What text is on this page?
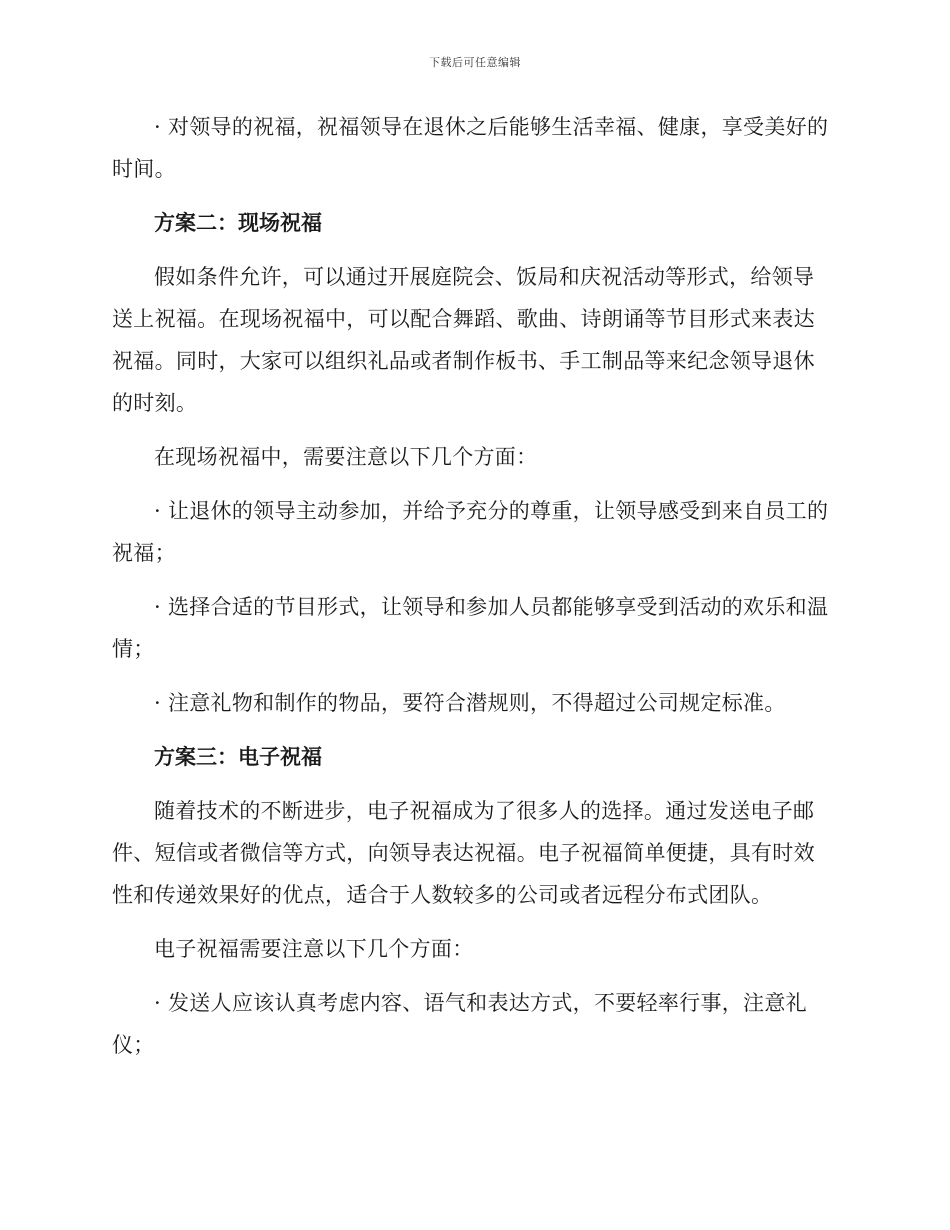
下载后可任意编辑

· 对领导的祝福，祝福领导在退休之后能够生活幸福、健康，享受美好的时间。

方案二：现场祝福

假如条件允许，可以通过开展庭院会、饭局和庆祝活动等形式，给领导送上祝福。在现场祝福中，可以配合舞蹈、歌曲、诗朗诵等节目形式来表达祝福。同时，大家可以组织礼品或者制作板书、手工制品等来纪念领导退休的时刻。

在现场祝福中，需要注意以下几个方面：

· 让退休的领导主动参加，并给予充分的尊重，让领导感受到来自员工的祝福；

· 选择合适的节目形式，让领导和参加人员都能够享受到活动的欢乐和温情；

· 注意礼物和制作的物品，要符合潜规则，不得超过公司规定标准。

方案三：电子祝福

随着技术的不断进步，电子祝福成为了很多人的选择。通过发送电子邮件、短信或者微信等方式，向领导表达祝福。电子祝福简单便捷，具有时效性和传递效果好的优点，适合于人数较多的公司或者远程分布式团队。

电子祝福需要注意以下几个方面：

· 发送人应该认真考虑内容、语气和表达方式，不要轻率行事，注意礼仪；
